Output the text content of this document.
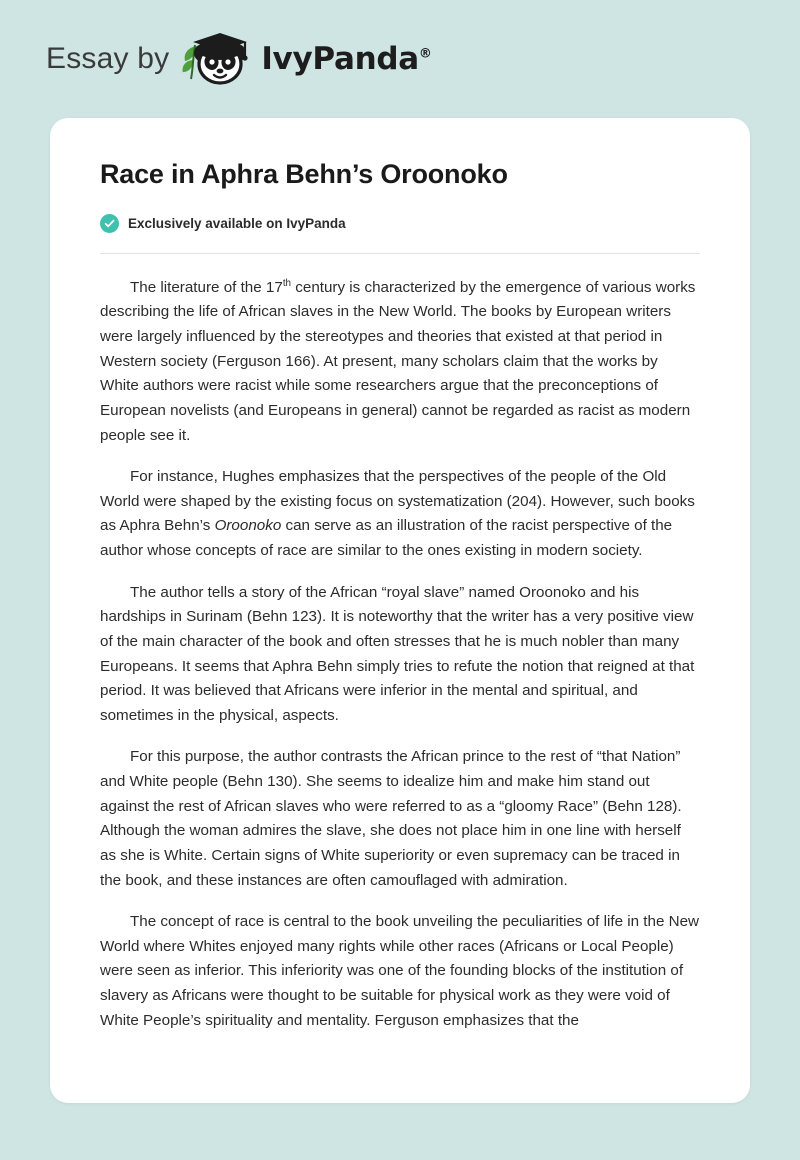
Essay by	IvyPanda®
Race in Aphra Behn’s Oroonoko
Exclusively available on IvyPanda

The literature of the 17th century is characterized by the emergence of various works describing the life of African slaves in the New World. The books by European writers were largely influenced by the stereotypes and theories that existed at that period in Western society (Ferguson 166). At present, many scholars claim that the works by White authors were racist while some researchers argue that the preconceptions of European novelists (and Europeans in general) cannot be regarded as racist as modern people see it.

For instance, Hughes emphasizes that the perspectives of the people of the Old World were shaped by the existing focus on systematization (204). However, such books as Aphra Behn’s Oroonoko can serve as an illustration of the racist perspective of the author whose concepts of race are similar to the ones existing in modern society.

The author tells a story of the African “royal slave” named Oroonoko and his hardships in Surinam (Behn 123). It is noteworthy that the writer has a very positive view of the main character of the book and often stresses that he is much nobler than many Europeans. It seems that Aphra Behn simply tries to refute the notion that reigned at that period. It was believed that Africans were inferior in the mental and spiritual, and sometimes in the physical, aspects.

For this purpose, the author contrasts the African prince to the rest of “that Nation” and White people (Behn 130). She seems to idealize him and make him stand out against the rest of African slaves who were referred to as a “gloomy Race” (Behn 128). Although the woman admires the slave, she does not place him in one line with herself as she is White. Certain signs of White superiority or even supremacy can be traced in the book, and these instances are often camouflaged with admiration.

The concept of race is central to the book unveiling the peculiarities of life in the New World where Whites enjoyed many rights while other races (Africans or Local People) were seen as inferior. This inferiority was one of the founding blocks of the institution of slavery as Africans were thought to be suitable for physical work as they were void of White People’s spirituality and mentality. Ferguson emphasizes that the
